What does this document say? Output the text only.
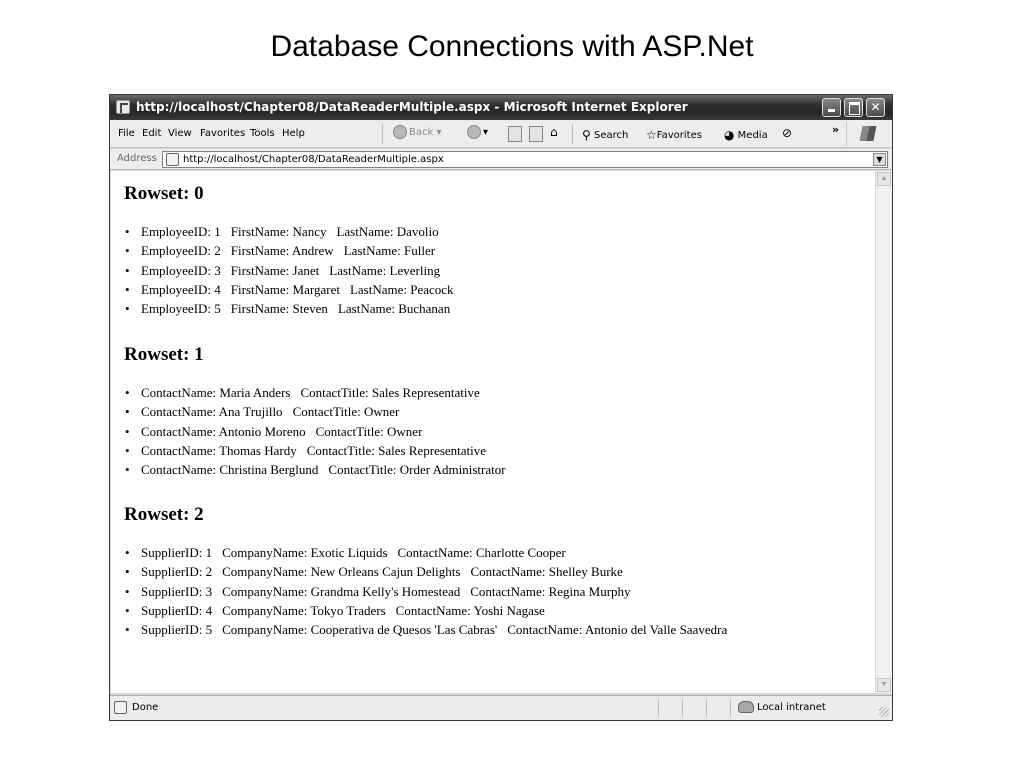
Database Connections with ASP.Net
http://localhost/Chapter08/DataReaderMultiple.aspx - Microsoft Internet Explorer	✕
File Edit View Favorites Tools Help	Back ▾	▾	⌂ ⚲ Search ☆Favorites ◕ Media ⊘	»
Address	http://localhost/Chapter08/DataReaderMultiple.aspx	▼
Rowset: 0
• EmployeeID: 1 FirstName: Nancy LastName: Davolio
• EmployeeID: 2 FirstName: Andrew LastName: Fuller
• EmployeeID: 3 FirstName: Janet LastName: Leverling
• EmployeeID: 4 FirstName: Margaret LastName: Peacock
• EmployeeID: 5 FirstName: Steven LastName: Buchanan
Rowset: 1
• ContactName: Maria Anders ContactTitle: Sales Representative
• ContactName: Ana Trujillo ContactTitle: Owner
• ContactName: Antonio Moreno ContactTitle: Owner
• ContactName: Thomas Hardy ContactTitle: Sales Representative
• ContactName: Christina Berglund ContactTitle: Order Administrator
Rowset: 2
• SupplierID: 1 CompanyName: Exotic Liquids ContactName: Charlotte Cooper
• SupplierID: 2 CompanyName: New Orleans Cajun Delights ContactName: Shelley Burke
• SupplierID: 3 CompanyName: Grandma Kelly's Homestead ContactName: Regina Murphy
• SupplierID: 4 CompanyName: Tokyo Traders ContactName: Yoshi Nagase
• SupplierID: 5 CompanyName: Cooperativa de Quesos 'Las Cabras' ContactName: Antonio del Valle Saavedra
▲
▼
Done	Local intranet
